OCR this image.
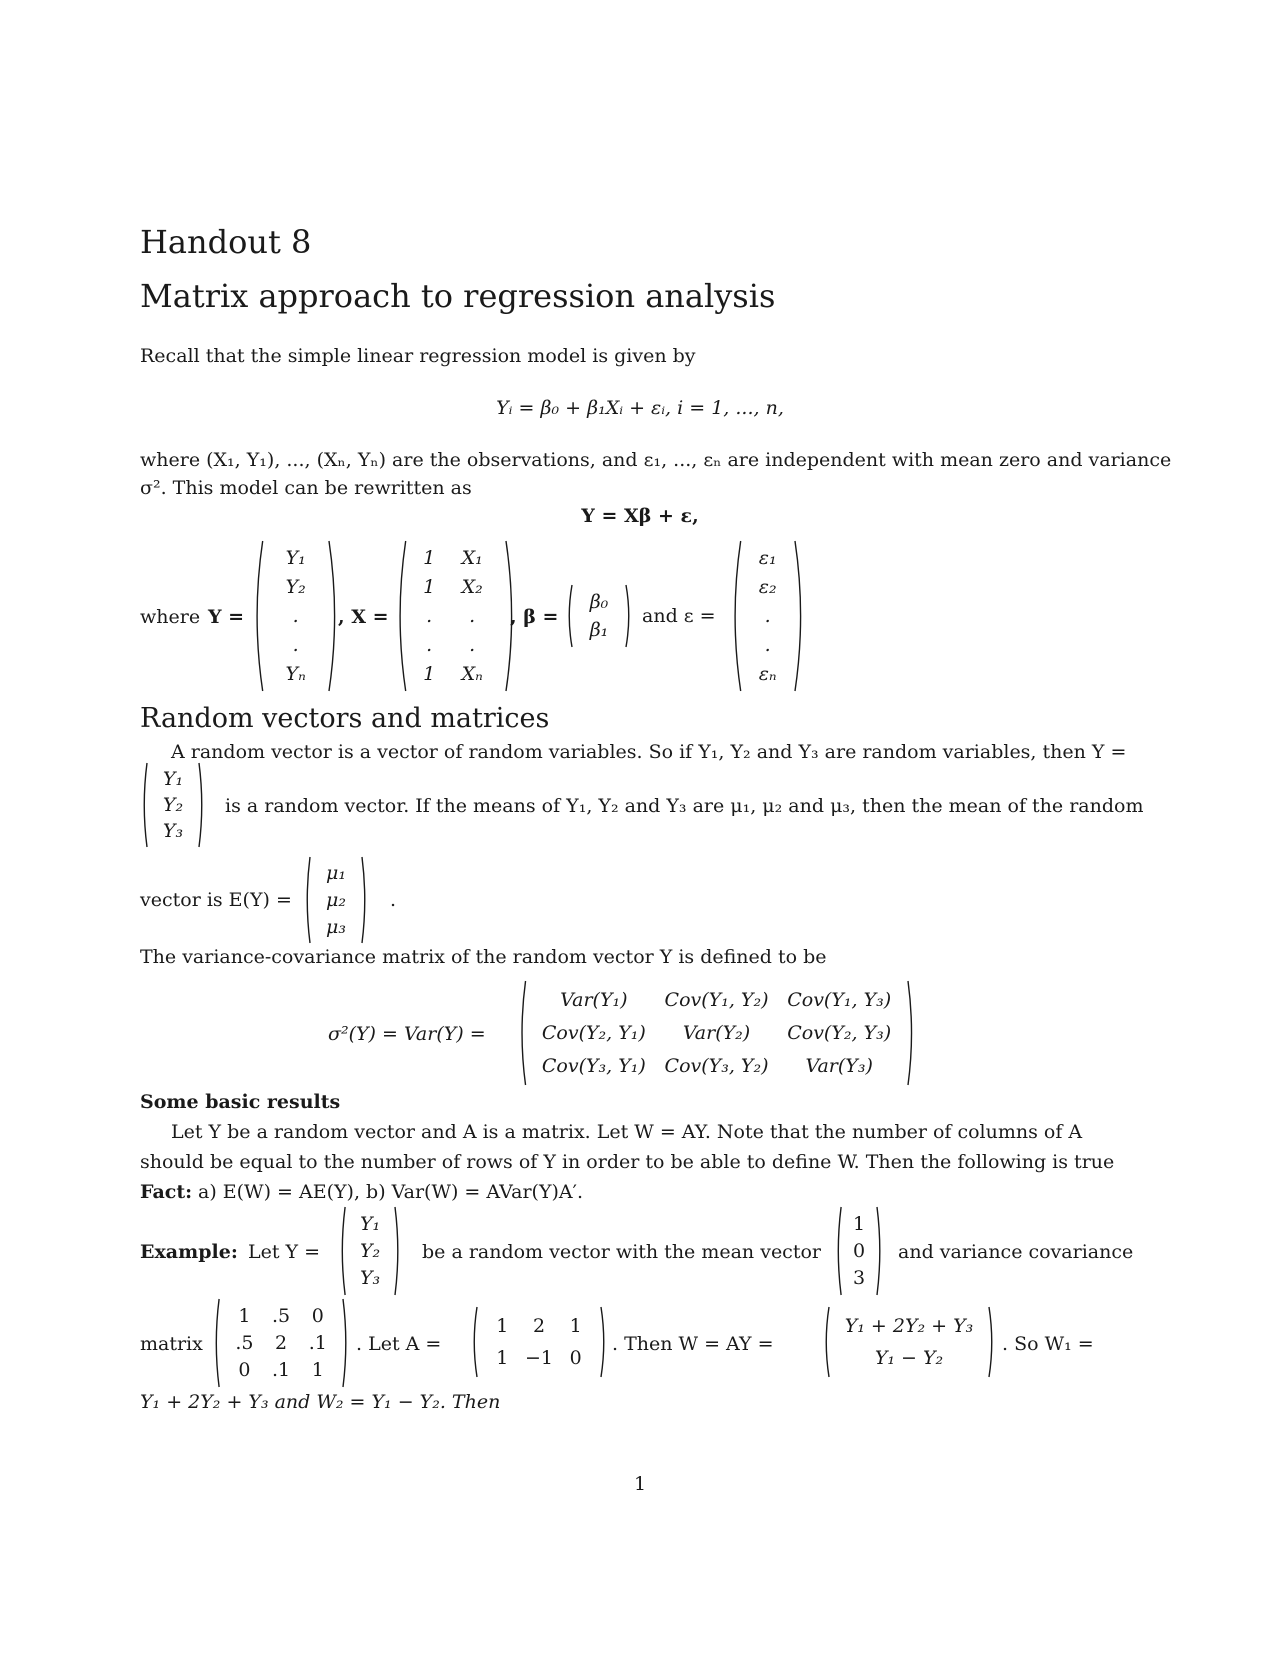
Handout 8
Matrix approach to regression analysis
Recall that the simple linear regression model is given by
Yᵢ = β₀ + β₁Xᵢ + εᵢ, i = 1, ..., n,
where (X₁, Y₁), ..., (Xₙ, Yₙ) are the observations, and ε₁, ..., εₙ are independent with mean zero and variance
σ². This model can be rewritten as
Y = Xβ + ε,
where Y =
Y₁
Y₂
.
.
Yₙ
, X =
1 X₁
1 X₂
. .
. .
1 Xₙ
, β =
β₀
β₁
and ε =
ε₁
ε₂
.
.
εₙ
Random vectors and matrices
A random vector is a vector of random variables. So if Y₁, Y₂ and Y₃ are random variables, then Y =
Y₁
Y₂
Y₃
is a random vector. If the means of Y₁, Y₂ and Y₃ are μ₁, μ₂ and μ₃, then the mean of the random
vector is E(Y) =
μ₁
μ₂
μ₃
.
The variance-covariance matrix of the random vector Y is defined to be
σ²(Y) = Var(Y) =
Var(Y₁) Cov(Y₁, Y₂) Cov(Y₁, Y₃)
Cov(Y₂, Y₁) Var(Y₂) Cov(Y₂, Y₃)
Cov(Y₃, Y₁) Cov(Y₃, Y₂) Var(Y₃)
Some basic results
Let Y be a random vector and A is a matrix. Let W = AY. Note that the number of columns of A
should be equal to the number of rows of Y in order to be able to define W. Then the following is true
Fact: a) E(W) = AE(Y), b) Var(W) = AVar(Y)A′.
Example: Let Y =
Y₁
Y₂
Y₃
be a random vector with the mean vector
1
0
3
and variance covariance
matrix
1 .5 0
.5 2 .1
0 .1 1
. Let A =
1 2 1
1 −1 0
. Then W = AY =
Y₁ + 2Y₂ + Y₃
Y₁ − Y₂
. So W₁ =
Y₁ + 2Y₂ + Y₃ and W₂ = Y₁ − Y₂. Then
1
